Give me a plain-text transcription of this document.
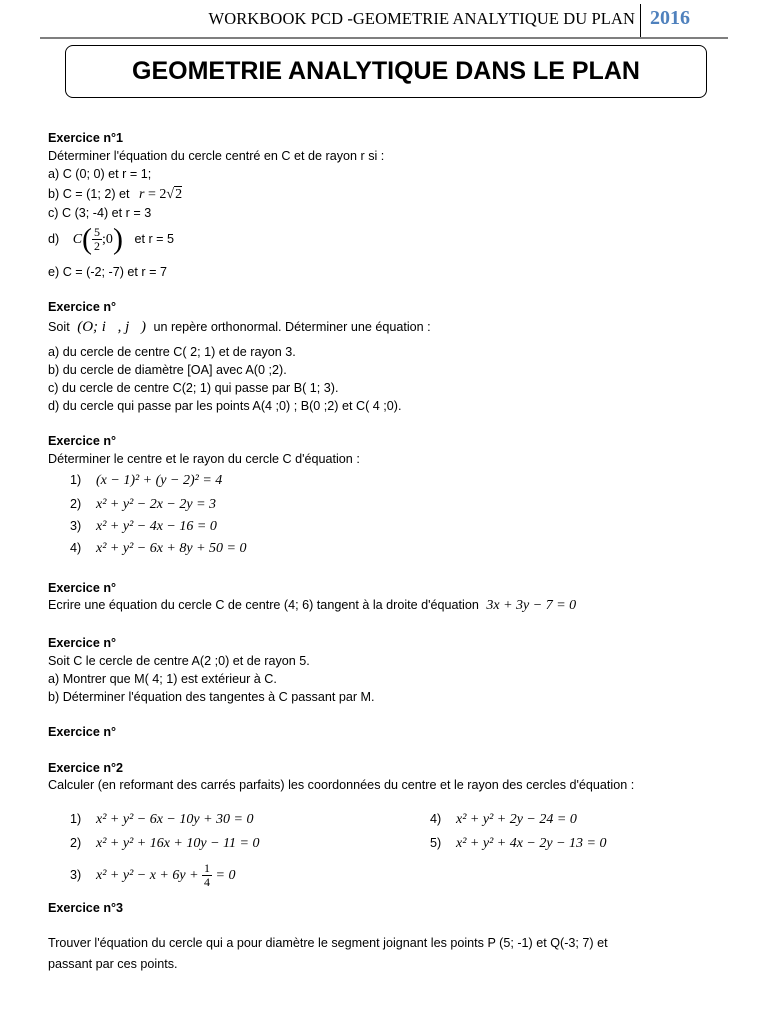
WORKBOOK PCD -GEOMETRIE ANALYTIQUE DU PLAN 2016
GEOMETRIE ANALYTIQUE DANS LE PLAN
Exercice n°1
Déterminer l'équation du cercle centré en C et de rayon r si :
a) C (0; 0) et r = 1;
b) C = (1; 2) et r = 2√2
c) C (3; -4) et r = 3
d) $C( \frac{5}{2}$ ;0) et r = 5
e) C = (-2; -7) et r = 7
Exercice n°
Soit (O; i⃗, j⃗) un repère orthonormal. Déterminer une équation :
a) du cercle de centre C( 2; 1) et de rayon 3.
b) du cercle de diamètre [OA] avec A(0 ;2).
c) du cercle de centre C(2; 1) qui passe par B( 1; 3).
d) du cercle qui passe par les points A(4 ;0) ; B(0 ;2) et C( 4 ;0).
Exercice n°
Déterminer le centre et le rayon du cercle C d'équation :
1) (x − 1)² + (y − 2)² = 4
2) x² + y² − 2x − 2y = 3
3) x² + y² − 4x − 16 = 0
4) x² + y² − 6x + 8y + 50 = 0
Exercice n°
Ecrire une équation du cercle C de centre (4; 6) tangent à la droite d'équation 3x + 3y − 7 = 0
Exercice n°
Soit C le cercle de centre A(2 ;0) et de rayon 5.
a) Montrer que M( 4; 1) est extérieur à C.
b) Déterminer l'équation des tangentes à C passant par M.
Exercice n°
Exercice n°2
Calculer (en reformant des carrés parfaits) les coordonnées du centre et le rayon des cercles d'équation :
1) x² + y² − 6x − 10y + 30 = 0	4) x² + y² + 2y − 24 = 0
2) x² + y² + 16x + 10y − 11 = 0	5) x² + y² + 4x − 2y − 13 = 0
3) $x^2 + y^2 - x + 6y + \frac{1}{4} = 0$
Exercice n°3
Trouver l'équation du cercle qui a pour diamètre le segment joignant les points P (5; -1) et Q(-3; 7) et
passant par ces points.
